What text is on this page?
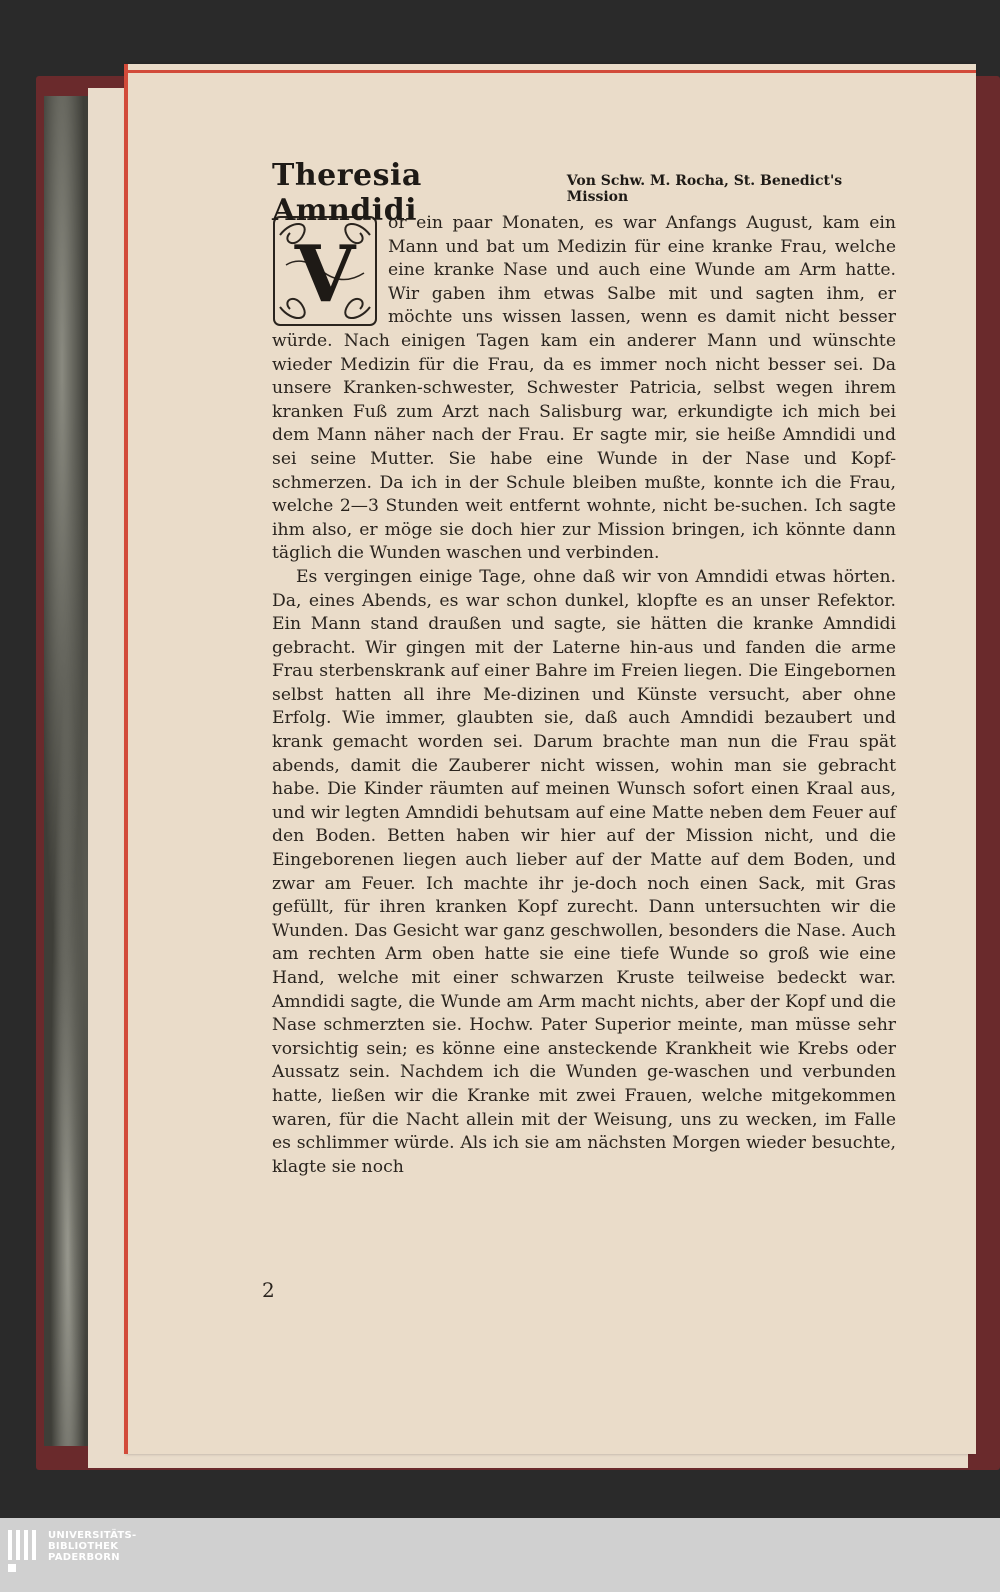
Theresia Amndidi
Von Schw. M. Rocha, St. Benedict's Mission
V

or ein paar Monaten, es war Anfangs August, kam ein Mann und bat um Medizin für eine kranke Frau, welche eine kranke Nase und auch eine Wunde am Arm hatte. Wir gaben ihm etwas Salbe mit und sagten ihm, er möchte uns wissen lassen, wenn es damit nicht besser würde. Nach einigen Tagen kam ein anderer Mann und wünschte wieder Medizin für die Frau, da es immer noch nicht besser sei. Da unsere Kranken-schwester, Schwester Patricia, selbst wegen ihrem kranken Fuß zum Arzt nach Salisburg war, erkundigte ich mich bei dem Mann näher nach der Frau. Er sagte mir, sie heiße Amndidi und sei seine Mutter. Sie habe eine Wunde in der Nase und Kopf-schmerzen. Da ich in der Schule bleiben mußte, konnte ich die Frau, welche 2—3 Stunden weit entfernt wohnte, nicht be-suchen. Ich sagte ihm also, er möge sie doch hier zur Mission bringen, ich könnte dann täglich die Wunden waschen und verbinden.

Es vergingen einige Tage, ohne daß wir von Amndidi etwas hörten. Da, eines Abends, es war schon dunkel, klopfte es an unser Refektor. Ein Mann stand draußen und sagte, sie hätten die kranke Amndidi gebracht. Wir gingen mit der Laterne hin-aus und fanden die arme Frau sterbenskrank auf einer Bahre im Freien liegen. Die Eingebornen selbst hatten all ihre Me-dizinen und Künste versucht, aber ohne Erfolg. Wie immer, glaubten sie, daß auch Amndidi bezaubert und krank gemacht worden sei. Darum brachte man nun die Frau spät abends, damit die Zauberer nicht wissen, wohin man sie gebracht habe. Die Kinder räumten auf meinen Wunsch sofort einen Kraal aus, und wir legten Amndidi behutsam auf eine Matte neben dem Feuer auf den Boden. Betten haben wir hier auf der Mission nicht, und die Eingeborenen liegen auch lieber auf der Matte auf dem Boden, und zwar am Feuer. Ich machte ihr je-doch noch einen Sack, mit Gras gefüllt, für ihren kranken Kopf zurecht. Dann untersuchten wir die Wunden. Das Gesicht war ganz geschwollen, besonders die Nase. Auch am rechten Arm oben hatte sie eine tiefe Wunde so groß wie eine Hand, welche mit einer schwarzen Kruste teilweise bedeckt war. Amndidi sagte, die Wunde am Arm macht nichts, aber der Kopf und die Nase schmerzten sie. Hochw. Pater Superior meinte, man müsse sehr vorsichtig sein; es könne eine ansteckende Krankheit wie Krebs oder Aussatz sein. Nachdem ich die Wunden ge-waschen und verbunden hatte, ließen wir die Kranke mit zwei Frauen, welche mitgekommen waren, für die Nacht allein mit der Weisung, uns zu wecken, im Falle es schlimmer würde. Als ich sie am nächsten Morgen wieder besuchte, klagte sie noch

2
UNIVERSITÄTS-
BIBLIOTHEK
PADERBORN
